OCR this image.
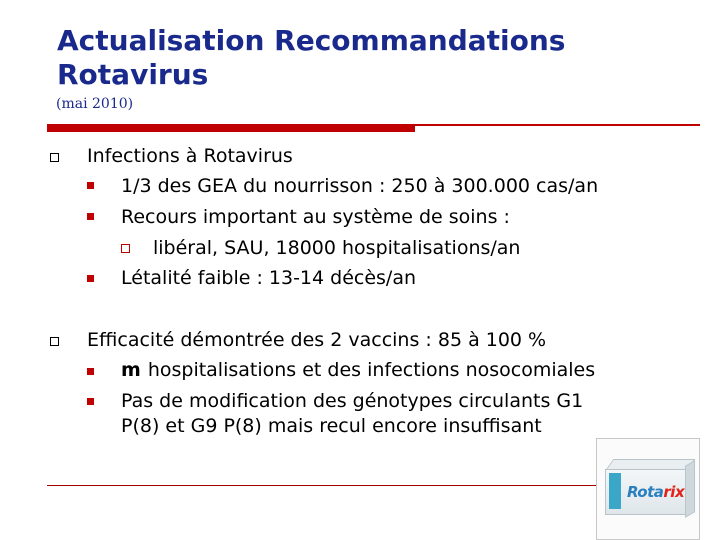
Actualisation Recommandations
Rotavirus
(mai 2010)
Infections à Rotavirus
1/3 des GEA du nourrisson : 250 à 300.000 cas/an
Recours important au système de soins :
libéral, SAU, 18000 hospitalisations/an
Létalité faible : 13-14 décès/an
Efficacité démontrée des 2 vaccins : 85 à 100 %
m hospitalisations et des infections nosocomiales
Pas de modification des génotypes circulants G1
P(8) et G9 P(8) mais recul encore insuffisant
Rotarix
